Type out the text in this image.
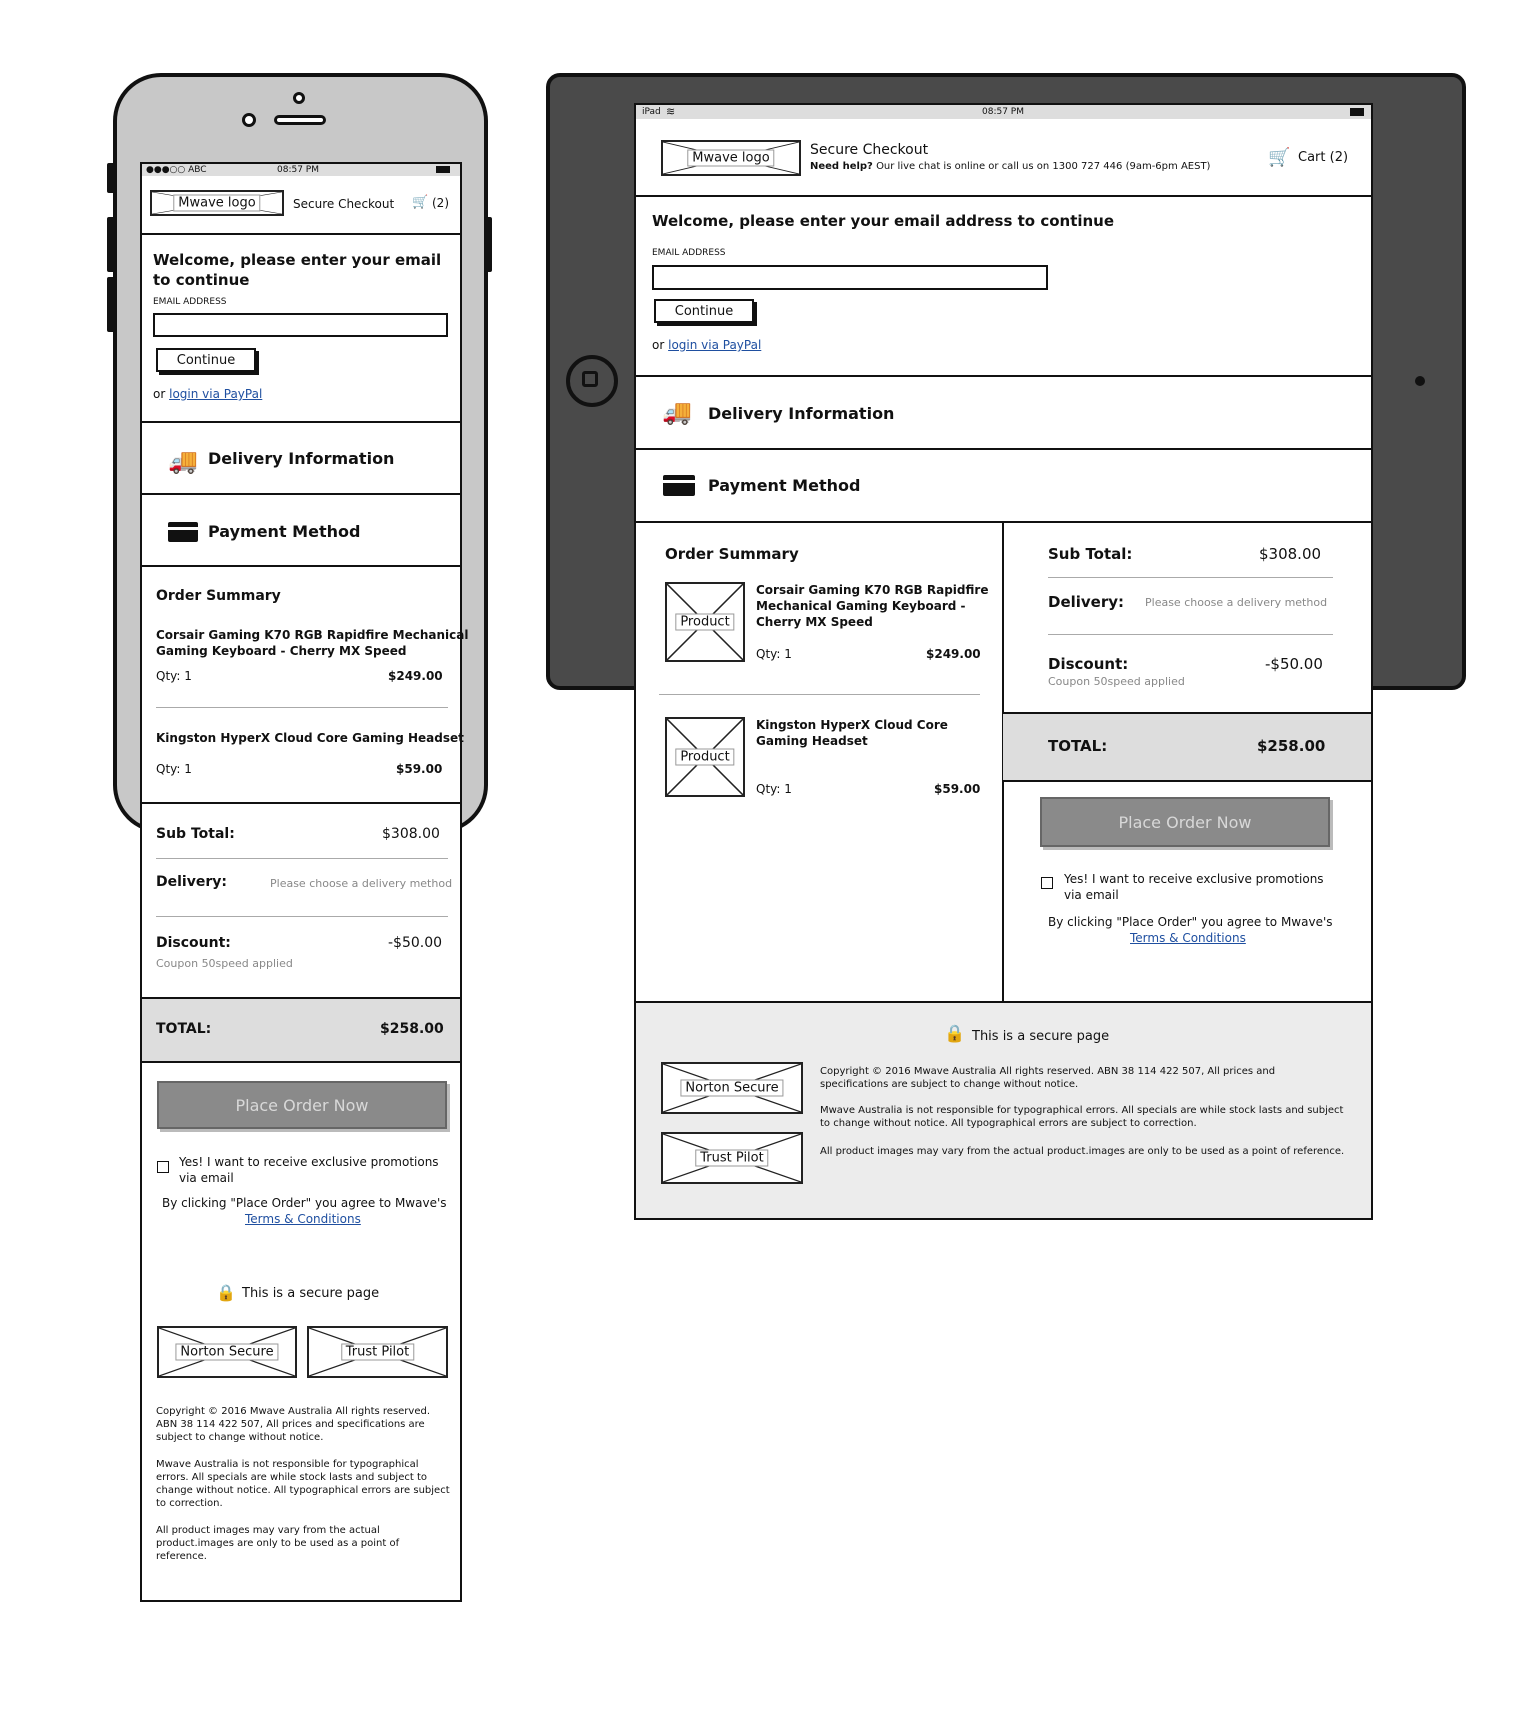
●●●○○ ABC	08:57 PM
Mwave logo	Secure Checkout 🛒 (2)
Welcome, please enter your email
to continue
EMAIL ADDRESS
Continue
or login via PayPal
🚚 Delivery Information
Payment Method
Order Summary
Corsair Gaming K70 RGB Rapidfire Mechanical
Gaming Keyboard - Cherry MX Speed
Qty: 1	$249.00
Kingston HyperX Cloud Core Gaming Headset
Qty: 1	$59.00
Sub Total:	$308.00
Delivery:	Please choose a delivery method
Discount:	-$50.00
Coupon 50speed applied
TOTAL:	$258.00
Place Order Now
Yes! I want to receive exclusive promotions
via email
By clicking "Place Order" you agree to Mwave's
Terms & Conditions
🔒 This is a secure page
Norton Secure	Trust Pilot
Copyright © 2016 Mwave Australia All rights reserved.
ABN 38 114 422 507, All prices and specifications are
subject to change without notice.
Mwave Australia is not responsible for typographical
errors. All specials are while stock lasts and subject to
change without notice. All typographical errors are subject
to correction.
All product images may vary from the actual
product.images are only to be used as a point of
reference.
iPad ≋	08:57 PM
Mwave logo	Secure Checkout
Need help? Our live chat is online or call us on 1300 727 446 (9am-6pm AEST)	🛒 Cart (2)
Welcome, please enter your email address to continue
EMAIL ADDRESS
Continue
or login via PayPal
🚚 Delivery Information
Payment Method
Order Summary
Product
Corsair Gaming K70 RGB Rapidfire
Mechanical Gaming Keyboard -
Cherry MX Speed
Qty: 1	$249.00
Product
Kingston HyperX Cloud Core
Gaming Headset
Qty: 1	$59.00
Sub Total:	$308.00
Delivery: Please choose a delivery method
Discount:	-$50.00
Coupon 50speed applied
TOTAL:	$258.00
Place Order Now
Yes! I want to receive exclusive promotions
via email
By clicking "Place Order" you agree to Mwave's
Terms & Conditions
🔒 This is a secure page
Norton Secure
Trust Pilot
Copyright © 2016 Mwave Australia All rights reserved. ABN 38 114 422 507, All prices and
specifications are subject to change without notice.
Mwave Australia is not responsible for typographical errors. All specials are while stock lasts and subject
to change without notice. All typographical errors are subject to correction.
All product images may vary from the actual product.images are only to be used as a point of reference.
